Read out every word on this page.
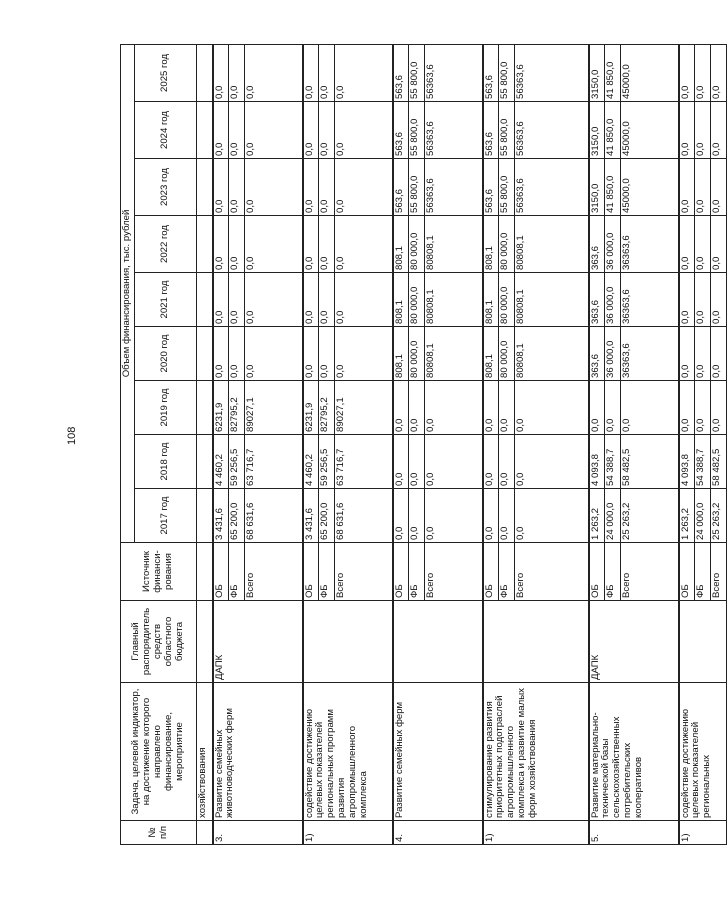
108
№ п/п	Задача, целевой индикатор, на достижение которого направлено финансирование, мероприятие	Главный распорядитель средств областного бюджета	Источник финанси-рования	Объем финансирования, тыс. рублей								
				2017 год	2018 год	2019 год	2020 год	2021 год	2022 год	2023 год	2024 год	2025 год
	хозяйствования											
3.	Развитие семейных животноводческих ферм	ДАПК	ОБ	3 431,6	4 460,2	6231,9	0,0	0,0	0,0	0,0	0,0	0,0
			ФБ	65 200,0	59 256,5	82795,2	0,0	0,0	0,0	0,0	0,0	0,0
			Всего	68 631,6	63 716,7	89027,1	0,0	0,0	0,0	0,0	0,0	0,0
1)	содействие достижению целевых показателей региональных программ развития агропромышленного комплекса		ОБ	3 431,6	4 460,2	6231,9	0,0	0,0	0,0	0,0	0,0	0,0
			ФБ	65 200,0	59 256,5	82795,2	0,0	0,0	0,0	0,0	0,0	0,0
			Всего	68 631,6	63 716,7	89027,1	0,0	0,0	0,0	0,0	0,0	0,0
4.	Развитие семейных ферм		ОБ	0,0	0,0	0,0	808,1	808,1	808,1	563,6	563,6	563,6
			ФБ	0,0	0,0	0,0	80 000,0	80 000,0	80 000,0	55 800,0	55 800,0	55 800,0
			Всего	0,0	0,0	0,0	80808,1	80808,1	80808,1	56363,6	56363,6	56363,6
1)	стимулирование развития приоритетных подотраслей агропромышленного комплекса и развитие малых форм хозяйствования		ОБ	0,0	0,0	0,0	808,1	808,1	808,1	563,6	563,6	563,6
			ФБ	0,0	0,0	0,0	80 000,0	80 000,0	80 000,0	55 800,0	55 800,0	55 800,0
			Всего	0,0	0,0	0,0	80808,1	80808,1	80808,1	56363,6	56363,6	56363,6
5.	Развитие материально-технической базы сельскохозяйственных потребительских кооперативов	ДАПК	ОБ	1 263,2	4 093,8	0,0	363,6	363,6	363,6	3150,0	3150,0	3150,0
			ФБ	24 000,0	54 388,7	0,0	36 000,0	36 000,0	36 000,0	41 850,0	41 850,0	41 850,0
			Всего	25 263,2	58 482,5	0,0	36363,6	36363,6	36363,6	45000,0	45000,0	45000,0
1)	содействие достижению целевых показателей региональных		ОБ	1 263,2	4 093,8	0,0	0,0	0,0	0,0	0,0	0,0	0,0
			ФБ	24 000,0	54 388,7	0,0	0,0	0,0	0,0	0,0	0,0	0,0
			Всего	25 263,2	58 482,5	0,0	0,0	0,0	0,0	0,0	0,0	0,0
